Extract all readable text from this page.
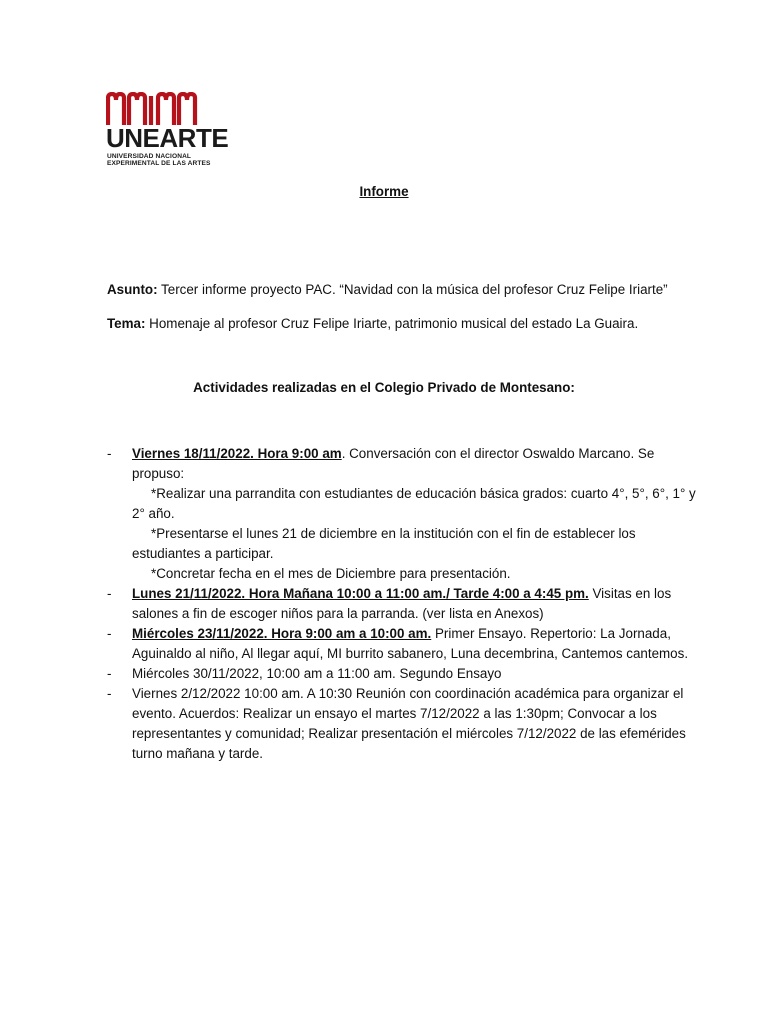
UNEARTE
UNIVERSIDAD NACIONAL
EXPERIMENTAL DE LAS ARTES
Informe
Asunto: Tercer informe proyecto PAC. “Navidad con la música del profesor Cruz Felipe Iriarte”
Tema: Homenaje al profesor Cruz Felipe Iriarte, patrimonio musical del estado La Guaira.
Actividades realizadas en el Colegio Privado de Montesano:
- Viernes 18/11/2022. Hora 9:00 am. Conversación con el director Oswaldo Marcano. Se
propuso:
*Realizar una parrandita con estudiantes de educación básica grados: cuarto 4°, 5°, 6°, 1° y
2° año.
*Presentarse el lunes 21 de diciembre en la institución con el fin de establecer los
estudiantes a participar.
*Concretar fecha en el mes de Diciembre para presentación.
- Lunes 21/11/2022. Hora Mañana 10:00 a 11:00 am./ Tarde 4:00 a 4:45 pm. Visitas en los
salones a fin de escoger niños para la parranda. (ver lista en Anexos)
- Miércoles 23/11/2022. Hora 9:00 am a 10:00 am. Primer Ensayo. Repertorio: La Jornada,
Aguinaldo al niño, Al llegar aquí, MI burrito sabanero, Luna decembrina, Cantemos cantemos.
- Miércoles 30/11/2022, 10:00 am a 11:00 am. Segundo Ensayo
- Viernes 2/12/2022 10:00 am. A 10:30 Reunión con coordinación académica para organizar el
evento. Acuerdos: Realizar un ensayo el martes 7/12/2022 a las 1:30pm; Convocar a los
representantes y comunidad; Realizar presentación el miércoles 7/12/2022 de las efemérides
turno mañana y tarde.
